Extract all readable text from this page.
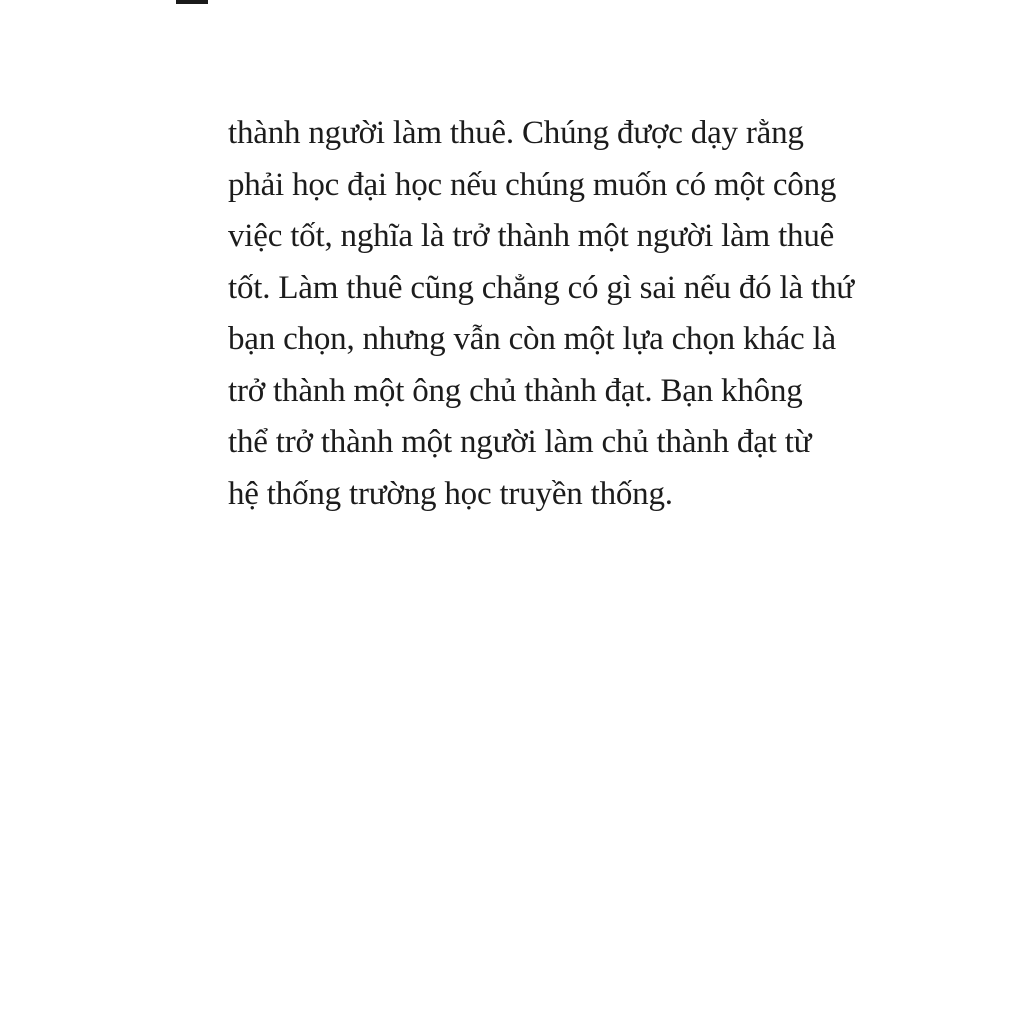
thành người làm thuê. Chúng được dạy rằng
phải học đại học nếu chúng muốn có một công
việc tốt, nghĩa là trở thành một người làm thuê
tốt. Làm thuê cũng chẳng có gì sai nếu đó là thứ
bạn chọn, nhưng vẫn còn một lựa chọn khác là
trở thành một ông chủ thành đạt. Bạn không
thể trở thành một người làm chủ thành đạt từ
hệ thống trường học truyền thống.
